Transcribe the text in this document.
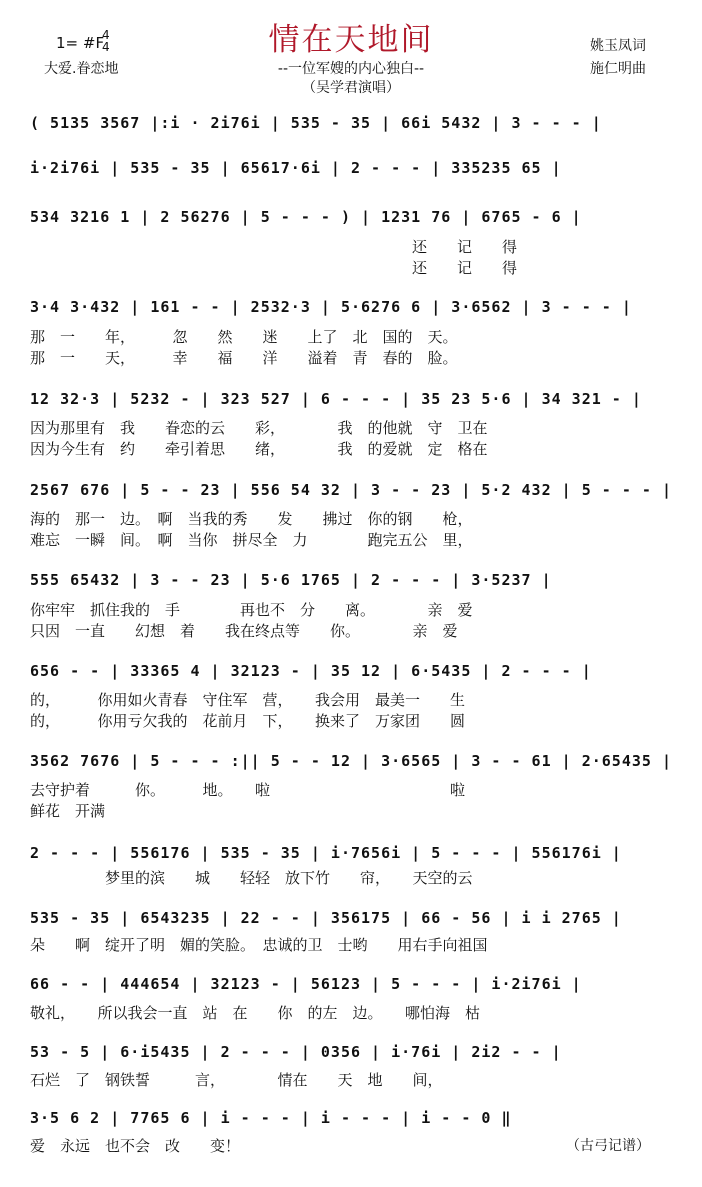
情在天地间
--一位军嫂的内心独白--
（吴学君演唱）
1= #F
4
4
大爱.眷恋地
姚玉凤词
施仁明曲
( 5135 3567 |:i · 2i76i | 535 - 35 | 66i 5432 | 3 - - - |
i·2i76i | 535 - 35 | 65617·6i | 2 - - - | 335235 65 |
534 3216 1 | 2 56276 | 5 - - - ) | 1231 76 | 6765 - 6 |
还　　记　　得
还　　记　　得
3·4 3·432 | 161 - - | 2532·3 | 5·6276 6 | 3·6562 | 3 - - - |
那　一　　年，　　　忽　　然　　迷　　上了　北　国的　天。
那　一　　天，　　　幸　　福　　洋　　溢着　青　春的　脸。
12 32·3 | 5232 - | 323 527 | 6 - - - | 35 23 5·6 | 34 321 - |
因为那里有　我　　眷恋的云　　彩，　　　　我　的他就　守　卫在
因为今生有　约　　牵引着思　　绪，　　　　我　的爱就　定　格在
2567 676 | 5 - - 23 | 556 54 32 | 3 - - 23 | 5·2 432 | 5 - - - |
海的　那一　边。　啊　当我的秀　　发　　拂过　你的钢　　枪，
难忘　一瞬　间。　啊　当你　拼尽全　力　　　　跑完五公　里，
555 65432 | 3 - - 23 | 5·6 1765 | 2 - - - | 3·5237 |
你牢牢　抓住我的　手　　　　再也不　分　　离。　　　　亲　爱
只因　一直　　幻想　着　　我在终点等　　你。　　　　亲　爱
656 - - | 33365 4 | 32123 - | 35 12 | 6·5435 | 2 - - - |
的，　　　你用如火青春　守住军　营，　　我会用　最美一　　生
的，　　　你用亏欠我的　花前月　下，　　换来了　万家团　　圆
3562 7676 | 5 - - - :|| 5 - - 12 | 3·6565 | 3 - - 61 | 2·65435 |
去守护着　　　你。　　　地。　　啦　　　　　　　　　　　　啦
鲜花　开满
2 - - - | 556176 | 535 - 35 | i·7656i | 5 - - - | 556176i |
　　　　　梦里的滨　　城　　轻轻　放下竹　　帘，　　天空的云
535 - 35 | 6543235 | 22 - - | 356175 | 66 - 56 | i i 2765 |
朵　　啊　绽开了明　媚的笑脸。　忠诚的卫　士哟　　用右手向祖国
66 - - | 444654 | 32123 - | 56123 | 5 - - - | i·2i76i |
敬礼，　　所以我会一直　站　在　　你　的左　边。　　哪怕海　枯
53 - 5 | 6·i5435 | 2 - - - | 0356 | i·76i | 2i2 - - |
石烂　了　钢铁誓　　　言，　　　　情在　　天　地　　间，
3·5 6 2 | 7765 6 | i - - - | i - - - | i - - 0 ‖
爱　永远　也不会　改　　变！	（古弓记谱）
